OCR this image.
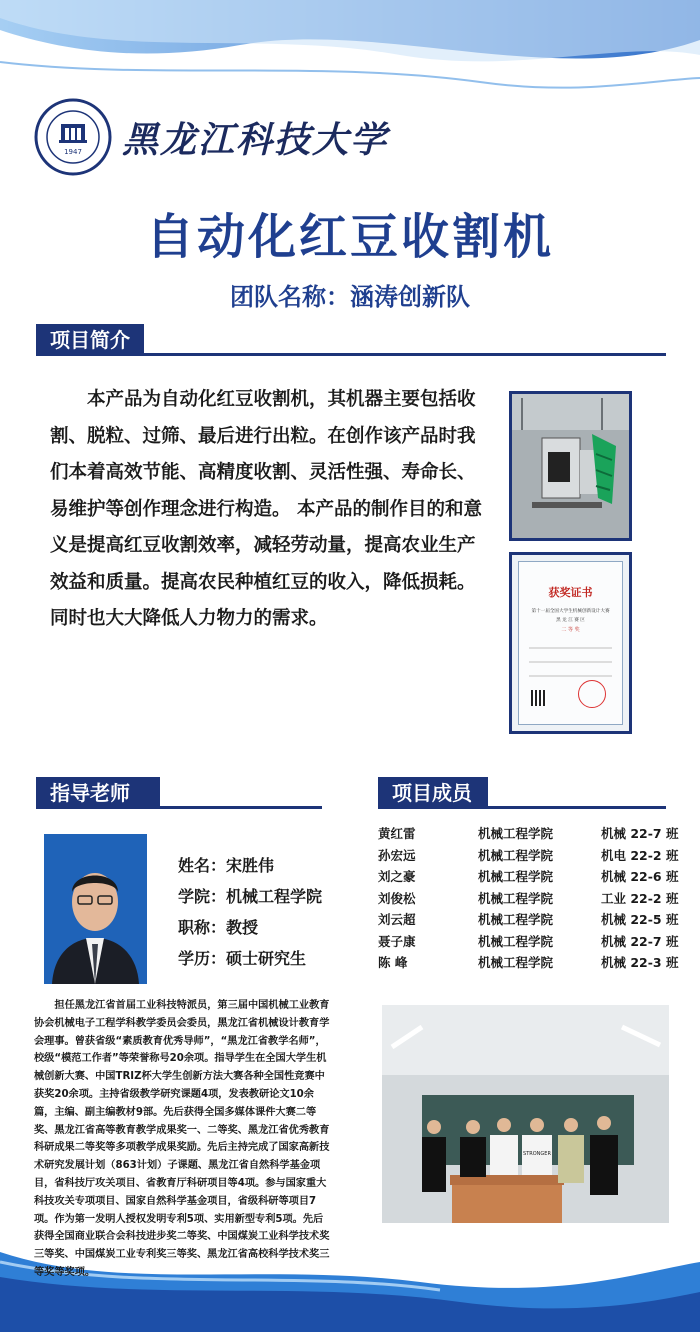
1947 黑龙江科技大学
自动化红豆收割机
团队名称：涵涛创新队
项目简介
本产品为自动化红豆收割机，其机器主要包括收割、脱粒、过筛、最后进行出粒。在创作该产品时我们本着高效节能、高精度收割、灵活性强、寿命长、易维护等创作理念进行构造。 本产品的制作目的和意义是提高红豆收割效率，减轻劳动量，提高农业生产效益和质量。提高农民种植红豆的收入，降低损耗。同时也大大降低人力物力的需求。
获奖证书
第十一届全国大学生机械创新设计大赛
黑 龙 江 赛 区
二 等 奖
指导老师
姓名：宋胜伟
学院：机械工程学院
职称：教授
学历：硕士研究生
担任黑龙江省首届工业科技特派员，第三届中国机械工业教育协会机械电子工程学科教学委员会委员，黑龙江省机械设计教育学会理事。曾获省级“素质教育优秀导师”，“黑龙江省教学名师”，校级“模范工作者”等荣誉称号20余项。指导学生在全国大学生机械创新大赛、中国TRIZ杯大学生创新方法大赛各种全国性竞赛中获奖20余项。主持省级教学研究课题4项，发表教研论文10余篇，主编、副主编教材9部。先后获得全国多媒体课件大赛二等奖、黑龙江省高等教育教学成果奖一、二等奖、黑龙江省优秀教育科研成果二等奖等多项教学成果奖励。先后主持完成了国家高新技术研究发展计划（863计划）子课题、黑龙江省自然科学基金项目，省科技厅攻关项目、省教育厅科研项目等4项。参与国家重大科技攻关专项项目、国家自然科学基金项目，省级科研等项目7项。作为第一发明人授权发明专利5项、实用新型专利5项。先后获得全国商业联合会科技进步奖二等奖、中国煤炭工业科学技术奖三等奖、中国煤炭工业专利奖三等奖、黑龙江省高校科学技术奖三等奖等奖项。
项目成员
黄红雷	机械工程学院	机械 22-7 班
孙宏远	机械工程学院	机电 22-2 班
刘之豪	机械工程学院	机械 22-6 班
刘俊松	机械工程学院	工业 22-2 班
刘云超	机械工程学院	机械 22-5 班
聂子康	机械工程学院	机械 22-7 班
陈 峰	机械工程学院	机械 22-3 班
STRONGER
